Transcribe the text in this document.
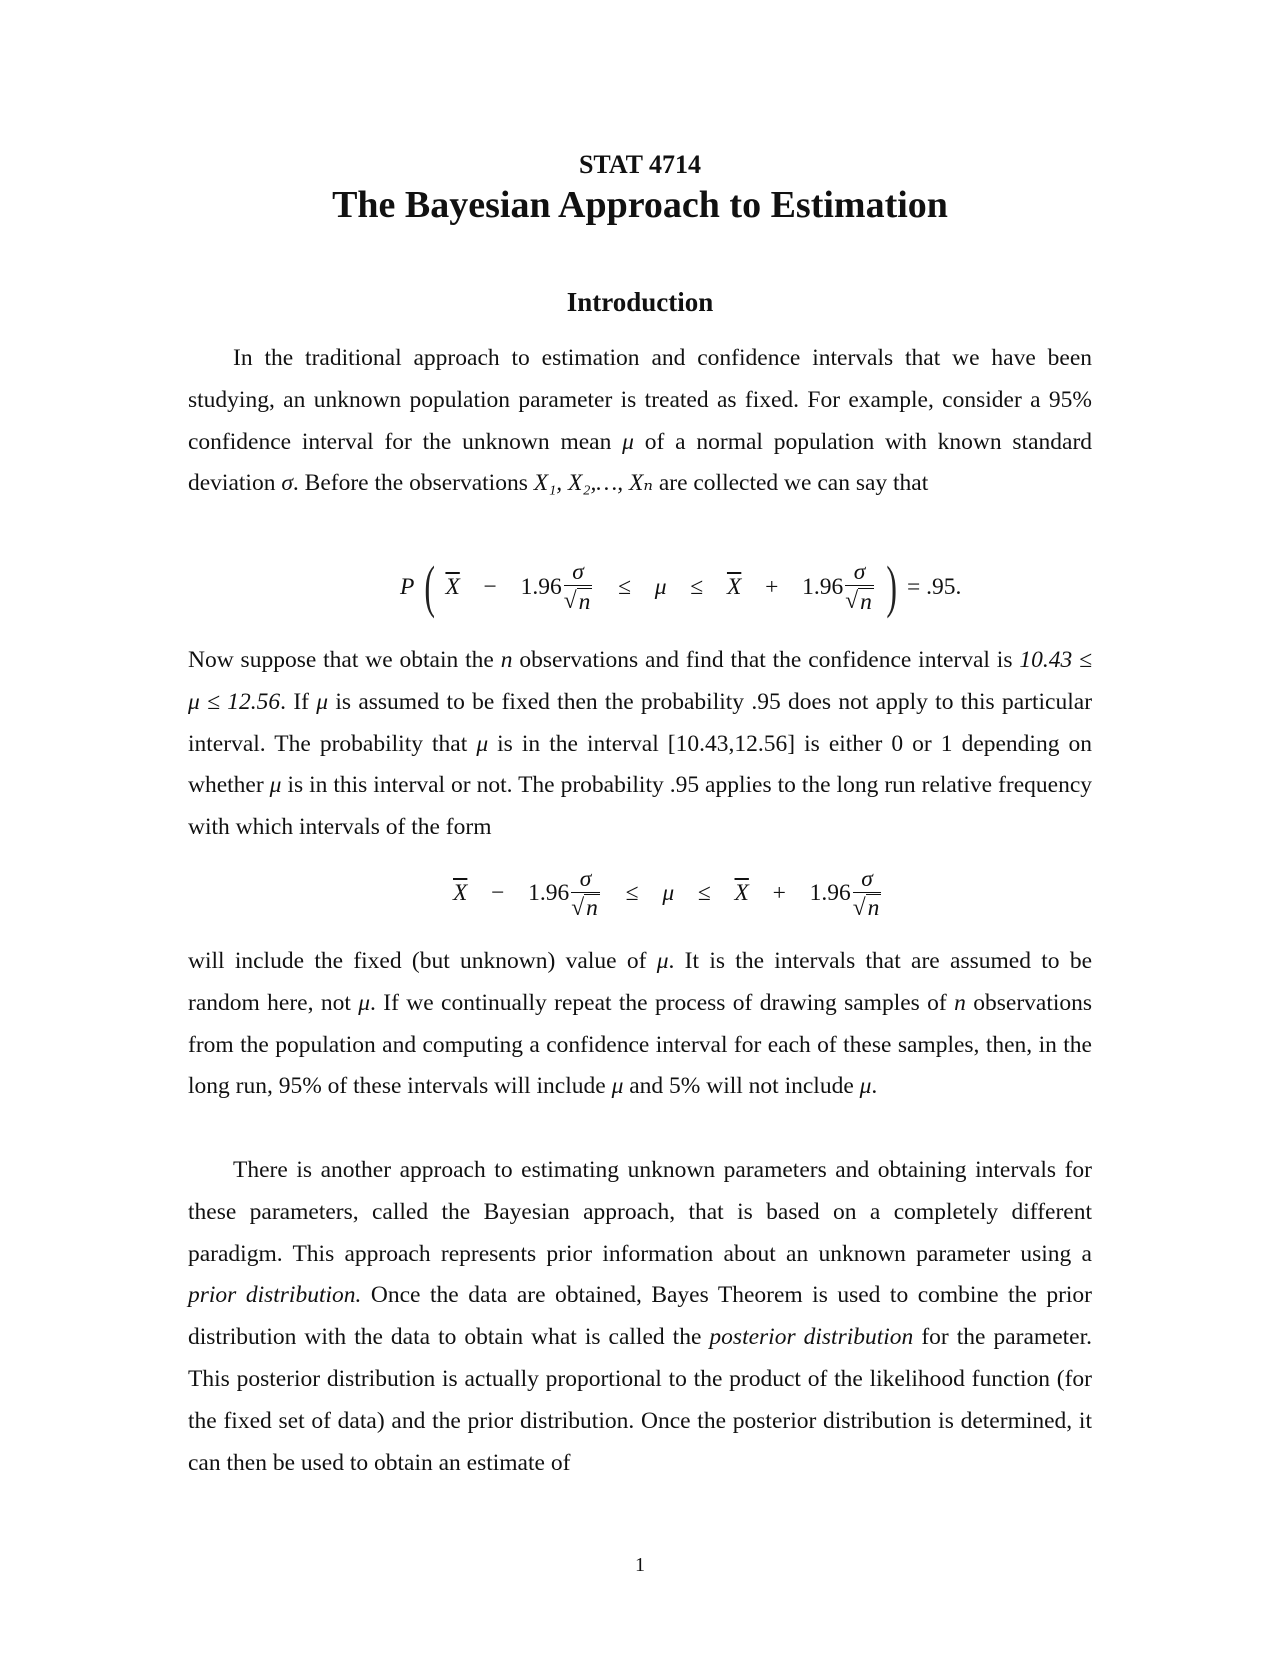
STAT 4714
The Bayesian Approach to Estimation
Introduction

In the traditional approach to estimation and confidence intervals that we have been studying, an unknown population parameter is treated as fixed. For example, consider a 95% confidence interval for the unknown mean μ of a normal population with known standard deviation σ. Before the observations X₁, X₂,…, Xₙ are collected we can say that

P ( $\overline{X} - 1.96 \frac{\sigma}{√n} \le \mu \le \overline{X} + 1.96 \frac{\sigma}{√n}$ ) = .95.

Now suppose that we obtain the n observations and find that the confidence interval is 10.43 ≤ μ ≤ 12.56. If μ is assumed to be fixed then the probability .95 does not apply to this particular interval. The probability that μ is in the interval [10.43,12.56] is either 0 or 1 depending on whether μ is in this interval or not. The probability .95 applies to the long run relative frequency with which intervals of the form

$\overline{X} - 1.96 \frac{\sigma}{√n} \le \mu \le \overline{X} + 1.96 \frac{\sigma}{√n}$

will include the fixed (but unknown) value of μ. It is the intervals that are assumed to be random here, not μ. If we continually repeat the process of drawing samples of n observations from the population and computing a confidence interval for each of these samples, then, in the long run, 95% of these intervals will include μ and 5% will not include μ.

There is another approach to estimating unknown parameters and obtaining intervals for these parameters, called the Bayesian approach, that is based on a completely different paradigm. This approach represents prior information about an unknown parameter using a prior distribution. Once the data are obtained, Bayes Theorem is used to combine the prior distribution with the data to obtain what is called the posterior distribution for the parameter. This posterior distribution is actually proportional to the product of the likelihood function (for the fixed set of data) and the prior distribution. Once the posterior distribution is determined, it can then be used to obtain an estimate of

1
